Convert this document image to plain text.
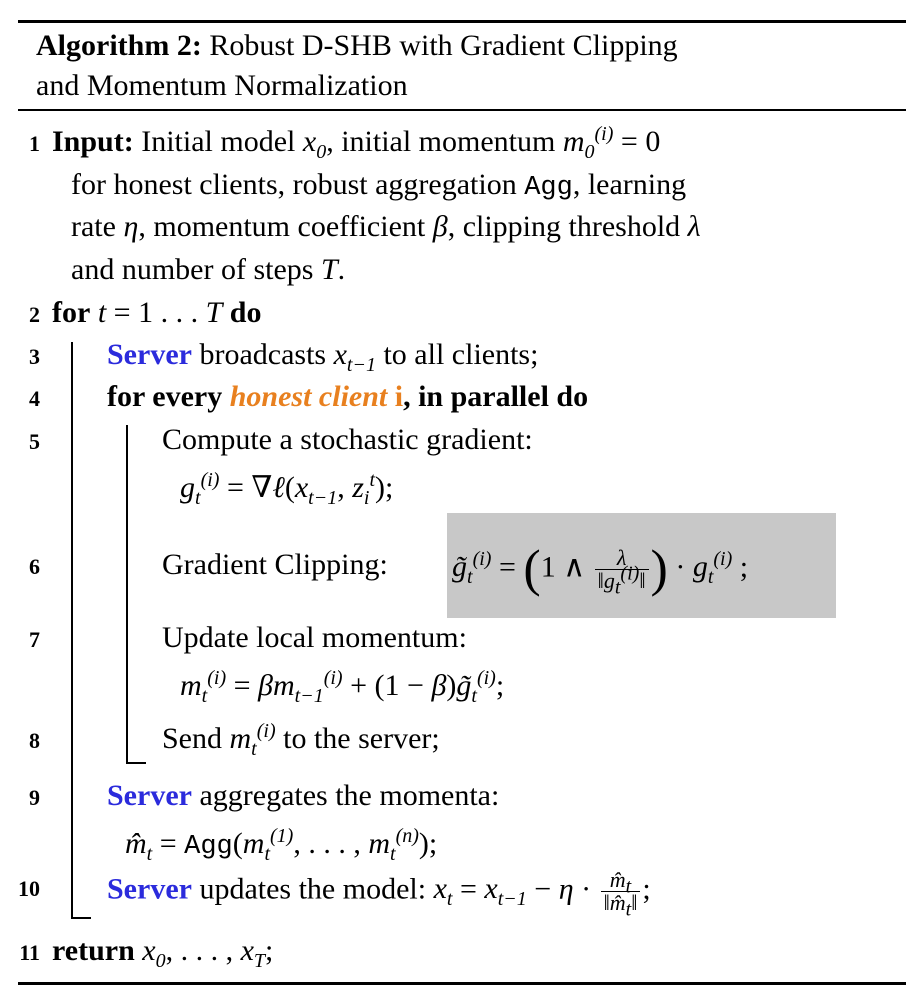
Algorithm 2: Robust D-SHB with Gradient Clipping
and Momentum Normalization
1
2
3
4
5
6
7
8
9
10
11
Input: Initial model $x_0$, initial momentum $m_0^{(i)} = 0$
for honest clients, robust aggregation Agg, learning
rate η, momentum coefficient β, clipping threshold λ
and number of steps T.
for t = 1 . . . T do
Server broadcasts $x_{t-1}$ to all clients;
for every honest client i, in parallel do
Compute a stochastic gradient:
$g_t^{(i)}$ = $\nabla\ell(x_{t-1}$, $z_i^t$);
Gradient Clipping: $g̃_t^{(i)} = (1$ ∧ $\frac{\lambda}{‖g_t^{(i)}‖}$ ) · $g_t^{(i)}$ ;
Update local momentum:
$m_t^{(i)} = \beta m_{t-1}^{(i)} + (1$ − $\beta)g̃_t^{(i)}$;
Send $m_t^{(i)}$ to the server;
Server aggregates the momenta:
$m̂_t = Agg(m_t^{(1)}$, . . . , $m_t^{(n)}$);
Server updates the model: $x_t = x_{t-1} - \eta \cdot \frac{m̂_t}{‖m̂_t‖}$ ;
return $x_0$, . . . , $x_T$;
